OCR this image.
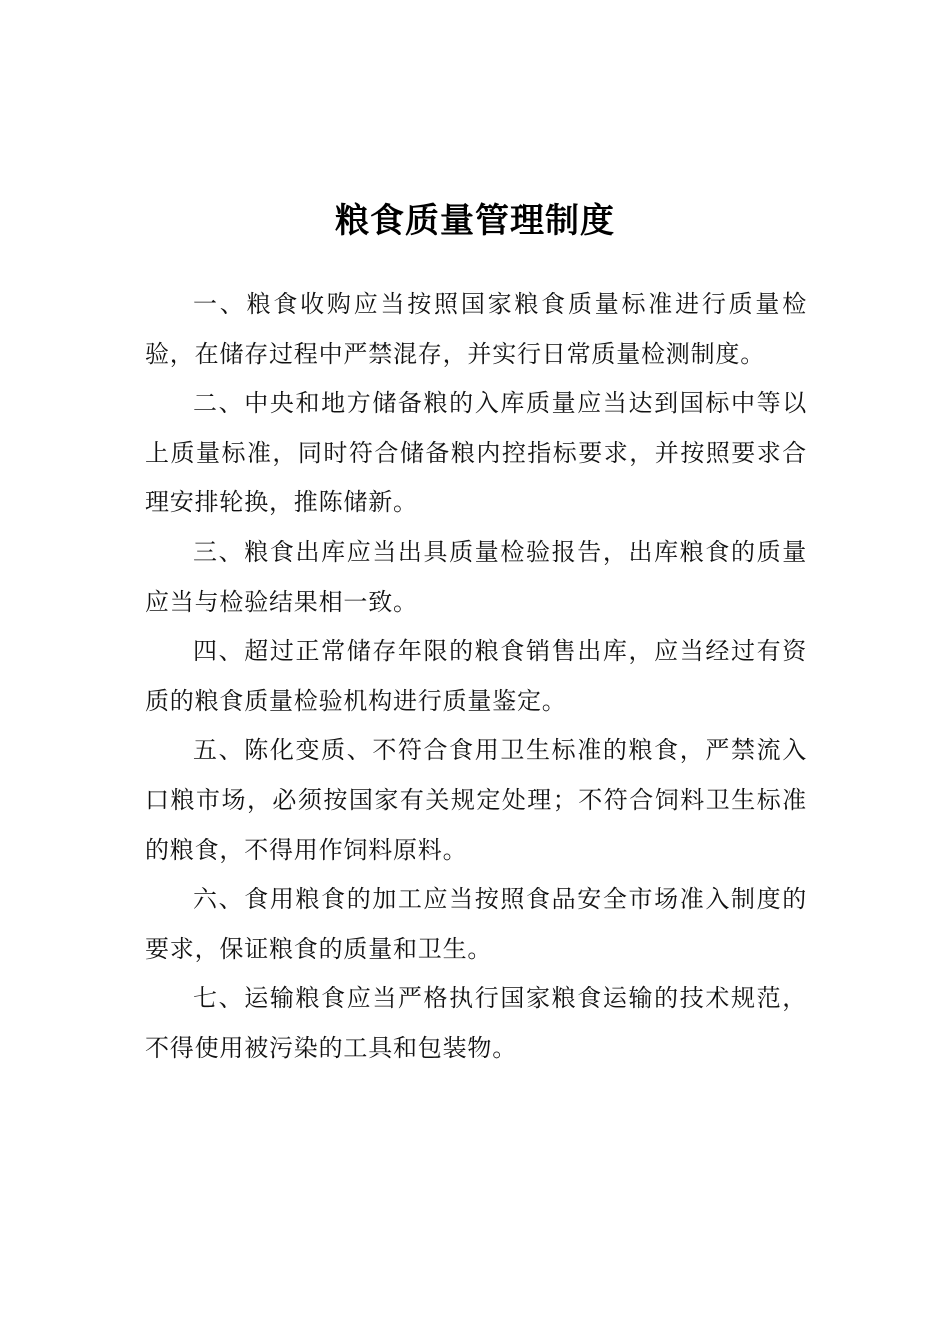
粮食质量管理制度

一、粮食收购应当按照国家粮食质量标准进行质量检验，在储存过程中严禁混存，并实行日常质量检测制度。

二、中央和地方储备粮的入库质量应当达到国标中等以上质量标准，同时符合储备粮内控指标要求，并按照要求合理安排轮换，推陈储新。

三、粮食出库应当出具质量检验报告，出库粮食的质量应当与检验结果相一致。

四、超过正常储存年限的粮食销售出库，应当经过有资质的粮食质量检验机构进行质量鉴定。

五、陈化变质、不符合食用卫生标准的粮食，严禁流入口粮市场，必须按国家有关规定处理；不符合饲料卫生标准的粮食，不得用作饲料原料。

六、食用粮食的加工应当按照食品安全市场准入制度的要求，保证粮食的质量和卫生。

七、运输粮食应当严格执行国家粮食运输的技术规范，不得使用被污染的工具和包装物。
